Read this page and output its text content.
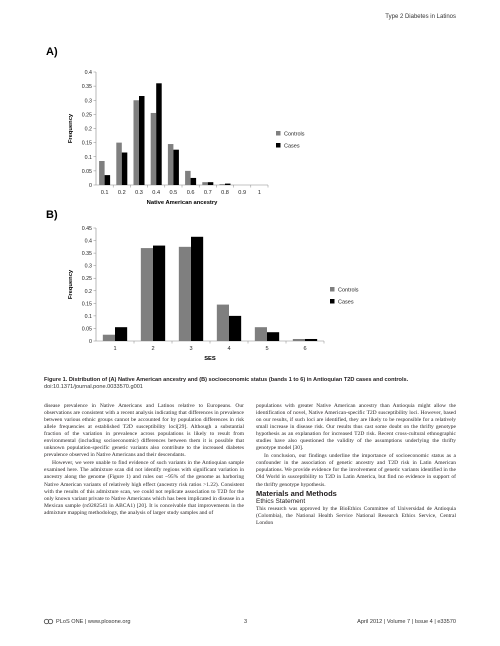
Type 2 Diabetes in Latinos
A)
0
0.05
0.1
0.15
0.2
0.25
0.3
0.35
0.4
0.1 0.2 0.3 0.4 0.5 0.6 0.7 0.8 0.9 1
Native American ancestry
Frequency	Controls
Cases
B)
0
0.05
0.1
0.15
0.2
0.25
0.3
0.35
0.4
0.45
1	2	3	4	5	6
SES
Frequency	Controls
Cases
Figure 1. Distribution of (A) Native American ancestry and (B) socioeconomic status (bands 1 to 6) in Antioquian T2D cases and controls.
doi:10.1371/journal.pone.0033570.g001

disease prevalence in Native Americans and Latinos relative to Europeans. Our observations are consistent with a recent analysis indicating that differences in prevalence between various ethnic groups cannot be accounted for by population differences in risk allele frequencies at established T2D susceptibility loci[29]. Although a substantial fraction of the variation in prevalence across populations is likely to result from environmental (including socioeconomic) differences between them it is possible that unknown population-specific genetic variants also contribute to the increased diabetes prevalence observed in Native Americans and their descendants.

However, we were unable to find evidence of such variants in the Antioquian sample examined here. The admixture scan did not identify regions with significant variation in ancestry along the genome (Figure 1) and rules out ~95% of the genome as harboring Native American variants of relatively high effect (ancestry risk ratios >1.22). Consistent with the results of this admixture scan, we could not replicate association to T2D for the only known variant private to Native Americans which has been implicated in disease in a Mexican sample (rs9282541 in ABCA1) [20]. It is conceivable that improvements in the admixture mapping methodology, the analysis of larger study samples and of

populations with greater Native American ancestry than Antioquia might allow the identification of novel, Native American-specific T2D susceptibility loci. However, based on our results, if such loci are identified, they are likely to be responsible for a relatively small increase in disease risk. Our results thus cast some doubt on the thrifty genotype hypothesis as an explanation for increased T2D risk. Recent cross-cultural ethnographic studies have also questioned the validity of the assumptions underlying the thrifty genotype model [30].

In conclusion, our findings underline the importance of socioeconomic status as a confounder in the association of genetic ancestry and T2D risk in Latin American populations. We provide evidence for the involvement of genetic variants identified in the Old World in susceptibility to T2D in Latin America, but find no evidence in support of the thrifty genotype hypothesis.

Materials and Methods

Ethics Statement

This research was approved by the BioEthics Committee of Universidad de Antioquia (Colombia), the National Health Service National Research Ethics Service, Central London

PLoS ONE | www.plosone.org	3	April 2012 | Volume 7 | Issue 4 | e33570
